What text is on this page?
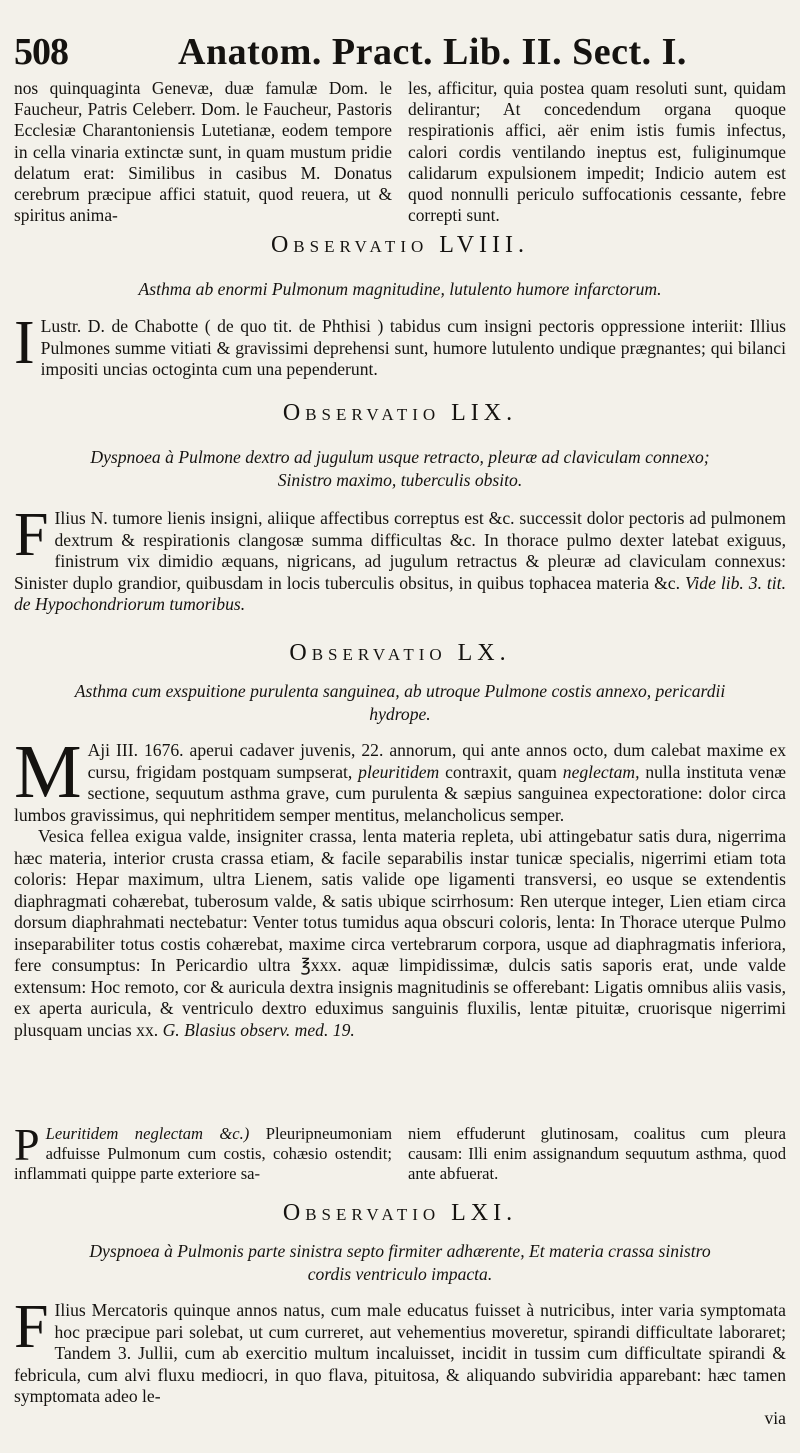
508	Anatom. Pract. Lib. II. Sect. I.

nos quinquaginta Genevæ, duæ famulæ Dom. le Faucheur, Patris Celeberr. Dom. le Faucheur, Pastoris Ecclesiæ Charantoniensis Lutetianæ, eodem tempore in cella vinaria extinctæ sunt, in quam mustum pridie delatum erat: Similibus in casibus M. Donatus cerebrum præcipue affici statuit, quod reuera, ut & spiritus anima-

les, afficitur, quia postea quam resoluti sunt, quidam delirantur; At concedendum organa quoque respirationis affici, aër enim istis fumis infectus, calori cordis ventilando ineptus est, fuliginumque calidarum expulsionem impedit; Indicio autem est quod nonnulli periculo suffocationis cessante, febre correpti sunt.

Observatio LVIII.
Asthma ab enormi Pulmonum magnitudine, lutulento humore infarctorum.

I Lustr. D. de Chabotte ( de quo tit. de Phthisi ) tabidus cum insigni pectoris oppressione interiit: Illius Pulmones summe vitiati & gravissimi deprehensi sunt, humore lutulento undique prægnantes; qui bilanci impositi uncias octoginta cum una pependerunt.

Observatio LIX.
Dyspnoea à Pulmone dextro ad jugulum usque retracto, pleuræ ad claviculam connexo; Sinistro maximo, tuberculis obsito.

F Ilius N. tumore lienis insigni, aliique affectibus correptus est &c. successit dolor pectoris ad pulmonem dextrum & respirationis clangosæ summa difficultas &c. In thorace pulmo dexter latebat exiguus, finistrum vix dimidio æquans, nigricans, ad jugulum retractus & pleuræ ad claviculam connexus: Sinister duplo grandior, quibusdam in locis tuberculis obsitus, in quibus tophacea materia &c. Vide lib. 3. tit. de Hypochondriorum tumoribus.

Observatio LX.
Asthma cum exspuitione purulenta sanguinea, ab utroque Pulmone costis annexo, pericardii hydrope.

M Aji III. 1676. aperui cadaver juvenis, 22. annorum, qui ante annos octo, dum calebat maxime ex cursu, frigidam postquam sumpserat, pleuritidem contraxit, quam neglectam, nulla instituta venæ sectione, sequutum asthma grave, cum purulenta & sæpius sanguinea expectoratione: dolor circa lumbos gravissimus, qui nephritidem semper mentitus, melancholicus semper.

Vesica fellea exigua valde, insigniter crassa, lenta materia repleta, ubi attingebatur satis dura, nigerrima hæc materia, interior crusta crassa etiam, & facile separabilis instar tunicæ specialis, nigerrimi etiam tota coloris: Hepar maximum, ultra Lienem, satis valide ope ligamenti transversi, eo usque se extendentis diaphragmati cohærebat, tuberosum valde, & satis ubique scirrhosum: Ren uterque integer, Lien etiam circa dorsum diaphrahmati nectebatur: Venter totus tumidus aqua obscuri coloris, lenta: In Thorace uterque Pulmo inseparabiliter totus costis cohærebat, maxime circa vertebrarum corpora, usque ad diaphragmatis inferiora, fere consumptus: In Pericardio ultra ℥xxx. aquæ limpidissimæ, dulcis satis saporis erat, unde valde extensum: Hoc remoto, cor & auricula dextra insignis magnitudinis se offerebant: Ligatis omnibus aliis vasis, ex aperta auricula, & ventriculo dextro eduximus sanguinis fluxilis, lentæ pituitæ, cruorisque nigerrimi plusquam uncias xx. G. Blasius observ. med. 19.

P Leuritidem neglectam &c.) Pleuripneumoniam adfuisse Pulmonum cum costis, cohæsio ostendit; inflammati quippe parte exteriore sa-

niem effuderunt glutinosam, coalitus cum pleura causam: Illi enim assignandum sequutum asthma, quod ante abfuerat.

Observatio LXI.
Dyspnoea à Pulmonis parte sinistra septo firmiter adhærente, Et materia crassa sinistro cordis ventriculo impacta.

F Ilius Mercatoris quinque annos natus, cum male educatus fuisset à nutricibus, inter varia symptomata hoc præcipue pari solebat, ut cum curreret, aut vehementius moveretur, spirandi difficultate laboraret; Tandem 3. Jullii, cum ab exercitio multum incaluisset, incidit in tussim cum difficultate spirandi & febricula, cum alvi fluxu mediocri, in quo flava, pituitosa, & aliquando subviridia apparebant: hæc tamen symptomata adeo le-

via
